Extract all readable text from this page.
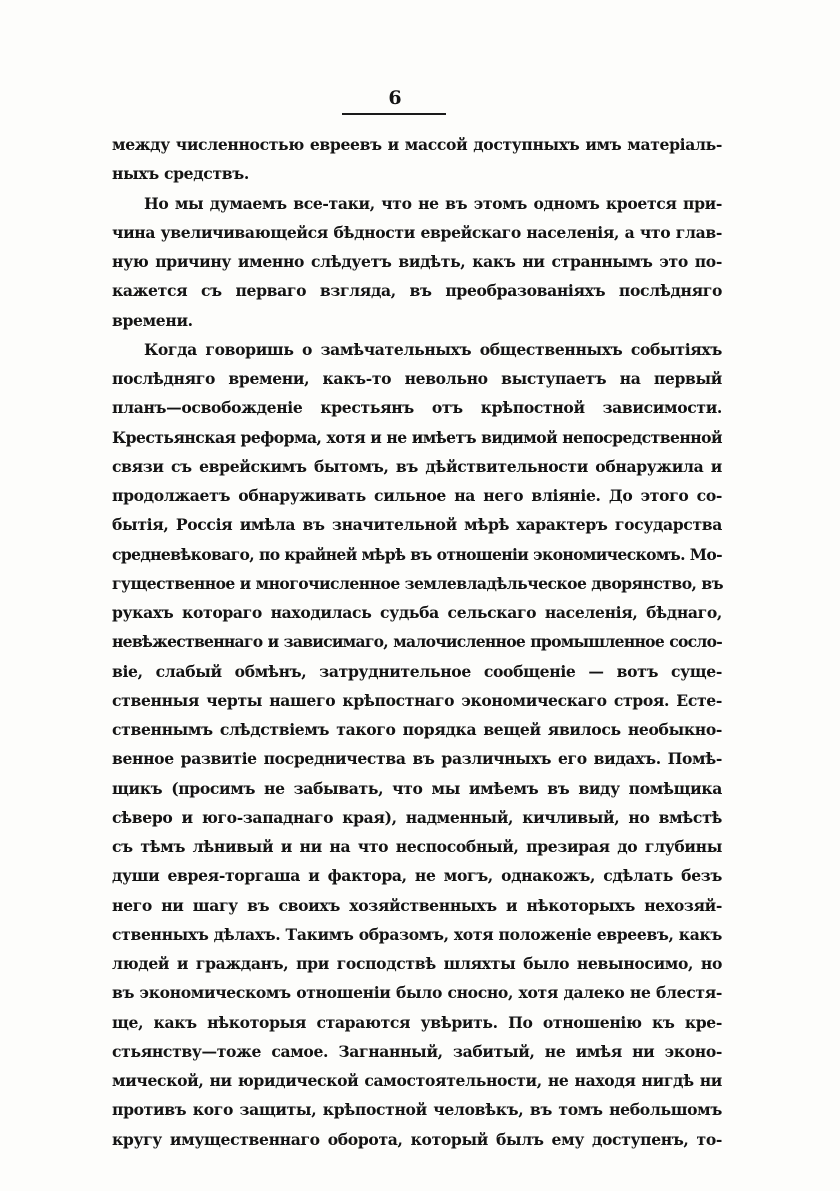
6
между численностью евреевъ и массой доступныхъ имъ матеріаль-
ныхъ средствъ.
Но мы думаемъ все-таки, что не въ этомъ одномъ кроется при-
чина увеличивающейся бѣдности еврейскаго населенія, а что глав-
ную причину именно слѣдуетъ видѣть, какъ ни страннымъ это по-
кажется съ перваго взгляда, въ преобразованіяхъ послѣдняго
времени.
Когда говоришь о замѣчательныхъ общественныхъ событіяхъ
послѣдняго времени, какъ-то невольно выступаетъ на первый
планъ—освобожденіе крестьянъ отъ крѣпостной зависимости.
Крестьянская реформа, хотя и не имѣетъ видимой непосредственной
связи съ еврейскимъ бытомъ, въ дѣйствительности обнаружила и
продолжаетъ обнаруживать сильное на него вліяніе. До этого со-
бытія, Россія имѣла въ значительной мѣрѣ характеръ государства
средневѣковаго, по крайней мѣрѣ въ отношеніи экономическомъ. Мо-
гущественное и многочисленное землевладѣльческое дворянство, въ
рукахъ котораго находилась судьба сельскаго населенія, бѣднаго,
невѣжественнаго и зависимаго, малочисленное промышленное сосло-
віе, слабый обмѣнъ, затруднительное сообщеніе — вотъ суще-
ственныя черты нашего крѣпостнаго экономическаго строя. Есте-
ственнымъ слѣдствіемъ такого порядка вещей явилось необыкно-
венное развитіе посредничества въ различныхъ его видахъ. Помѣ-
щикъ (просимъ не забывать, что мы имѣемъ въ виду помѣщика
сѣверо и юго-западнаго края), надменный, кичливый, но вмѣстѣ
съ тѣмъ лѣнивый и ни на что неспособный, презирая до глубины
души еврея-торгаша и фактора, не могъ, однакожъ, сдѣлать безъ
него ни шагу въ своихъ хозяйственныхъ и нѣкоторыхъ нехозяй-
ственныхъ дѣлахъ. Такимъ образомъ, хотя положеніе евреевъ, какъ
людей и гражданъ, при господствѣ шляхты было невыносимо, но
въ экономическомъ отношеніи было сносно, хотя далеко не блестя-
ще, какъ нѣкоторыя стараются увѣрить. По отношенію къ кре-
стьянству—тоже самое. Загнанный, забитый, не имѣя ни эконо-
мической, ни юридической самостоятельности, не находя нигдѣ ни
противъ кого защиты, крѣпостной человѣкъ, въ томъ небольшомъ
кругу имущественнаго оборота, который былъ ему доступенъ, то-
